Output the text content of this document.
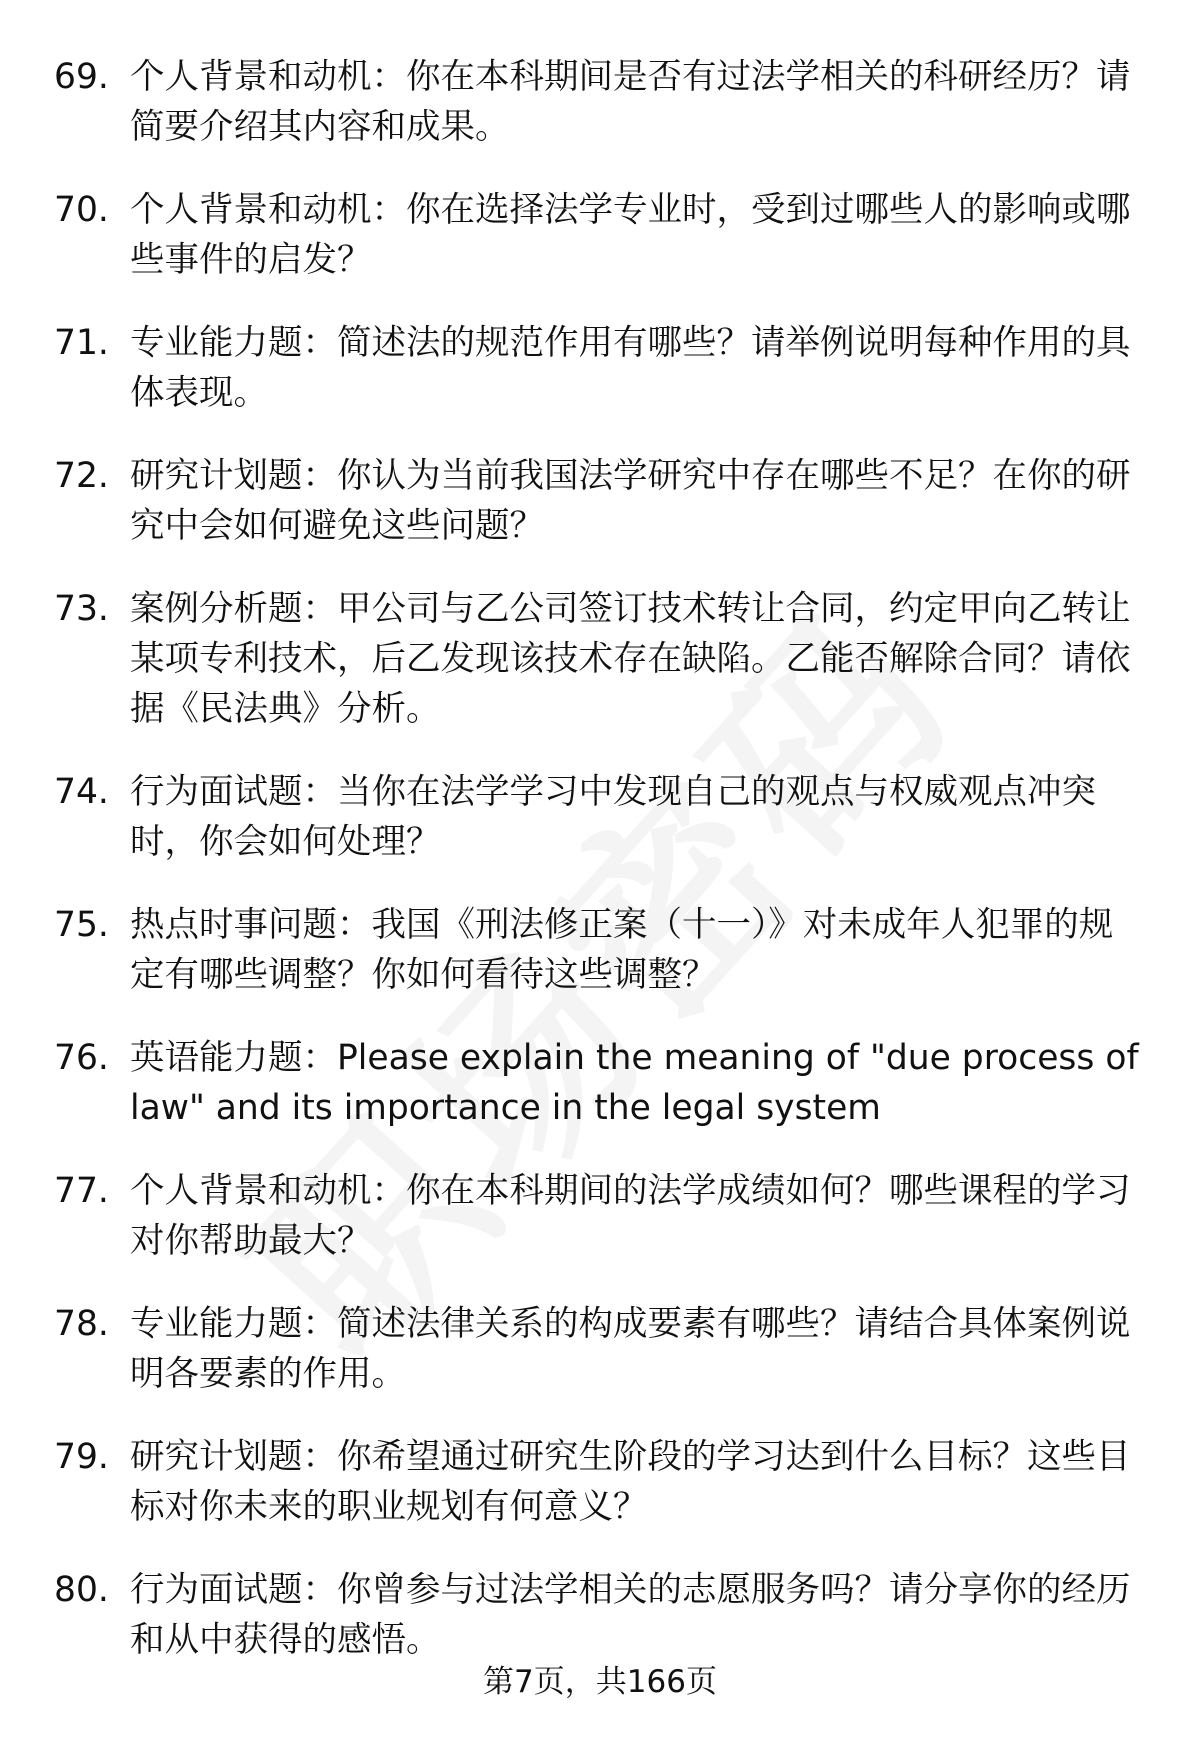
69. 个人背景和动机：你在本科期间是否有过法学相关的科研经历？请简要介绍其内容和成果。
70. 个人背景和动机：你在选择法学专业时，受到过哪些人的影响或哪些事件的启发？
71. 专业能力题：简述法的规范作用有哪些？请举例说明每种作用的具体表现。
72. 研究计划题：你认为当前我国法学研究中存在哪些不足？在你的研究中会如何避免这些问题？
73. 案例分析题：甲公司与乙公司签订技术转让合同，约定甲向乙转让某项专利技术，后乙发现该技术存在缺陷。乙能否解除合同？请依据《民法典》分析。
74. 行为面试题：当你在法学学习中发现自己的观点与权威观点冲突时，你会如何处理？
75. 热点时事问题：我国《刑法修正案（十一）》对未成年人犯罪的规定有哪些调整？你如何看待这些调整？
76. 英语能力题：Please explain the meaning of "due process of law" and its importance in the legal system
77. 个人背景和动机：你在本科期间的法学成绩如何？哪些课程的学习对你帮助最大？
78. 专业能力题：简述法律关系的构成要素有哪些？请结合具体案例说明各要素的作用。
79. 研究计划题：你希望通过研究生阶段的学习达到什么目标？这些目标对你未来的职业规划有何意义？
80. 行为面试题：你曾参与过法学相关的志愿服务吗？请分享你的经历和从中获得的感悟。
第7页，共166页
